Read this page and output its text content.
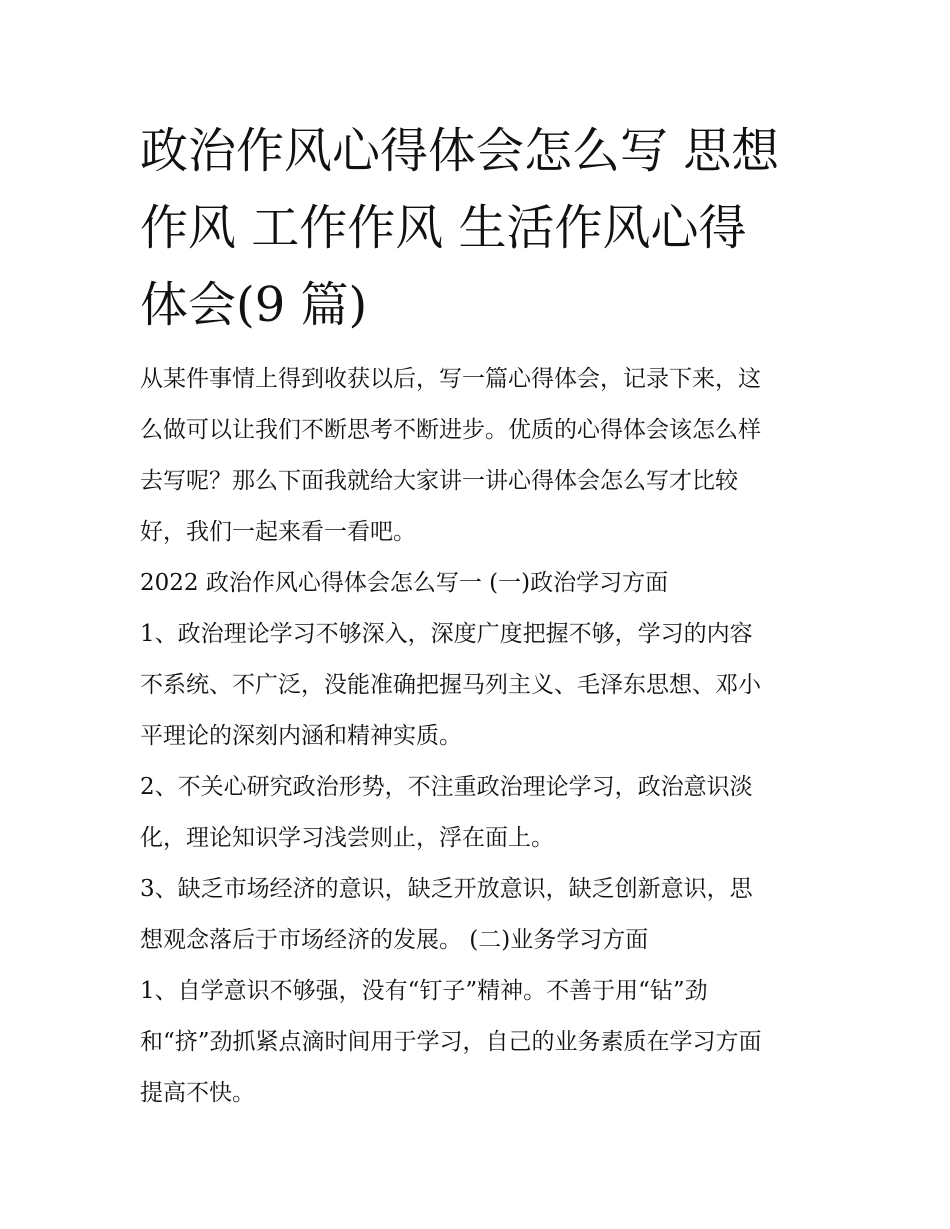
政治作风心得体会怎么写 思想
作风 工作作风 生活作风心得
体会(9 篇)
从某件事情上得到收获以后，写一篇心得体会，记录下来，这
么做可以让我们不断思考不断进步。优质的心得体会该怎么样
去写呢？那么下面我就给大家讲一讲心得体会怎么写才比较
好，我们一起来看一看吧。
2022 政治作风心得体会怎么写一 (一)政治学习方面
1、政治理论学习不够深入，深度广度把握不够，学习的内容
不系统、不广泛，没能准确把握马列主义、毛泽东思想、邓小
平理论的深刻内涵和精神实质。
2、不关心研究政治形势，不注重政治理论学习，政治意识淡
化，理论知识学习浅尝则止，浮在面上。
3、缺乏市场经济的意识，缺乏开放意识，缺乏创新意识，思
想观念落后于市场经济的发展。 (二)业务学习方面
1、自学意识不够强，没有“钉子”精神。不善于用“钻”劲
和“挤”劲抓紧点滴时间用于学习，自己的业务素质在学习方面
提高不快。
